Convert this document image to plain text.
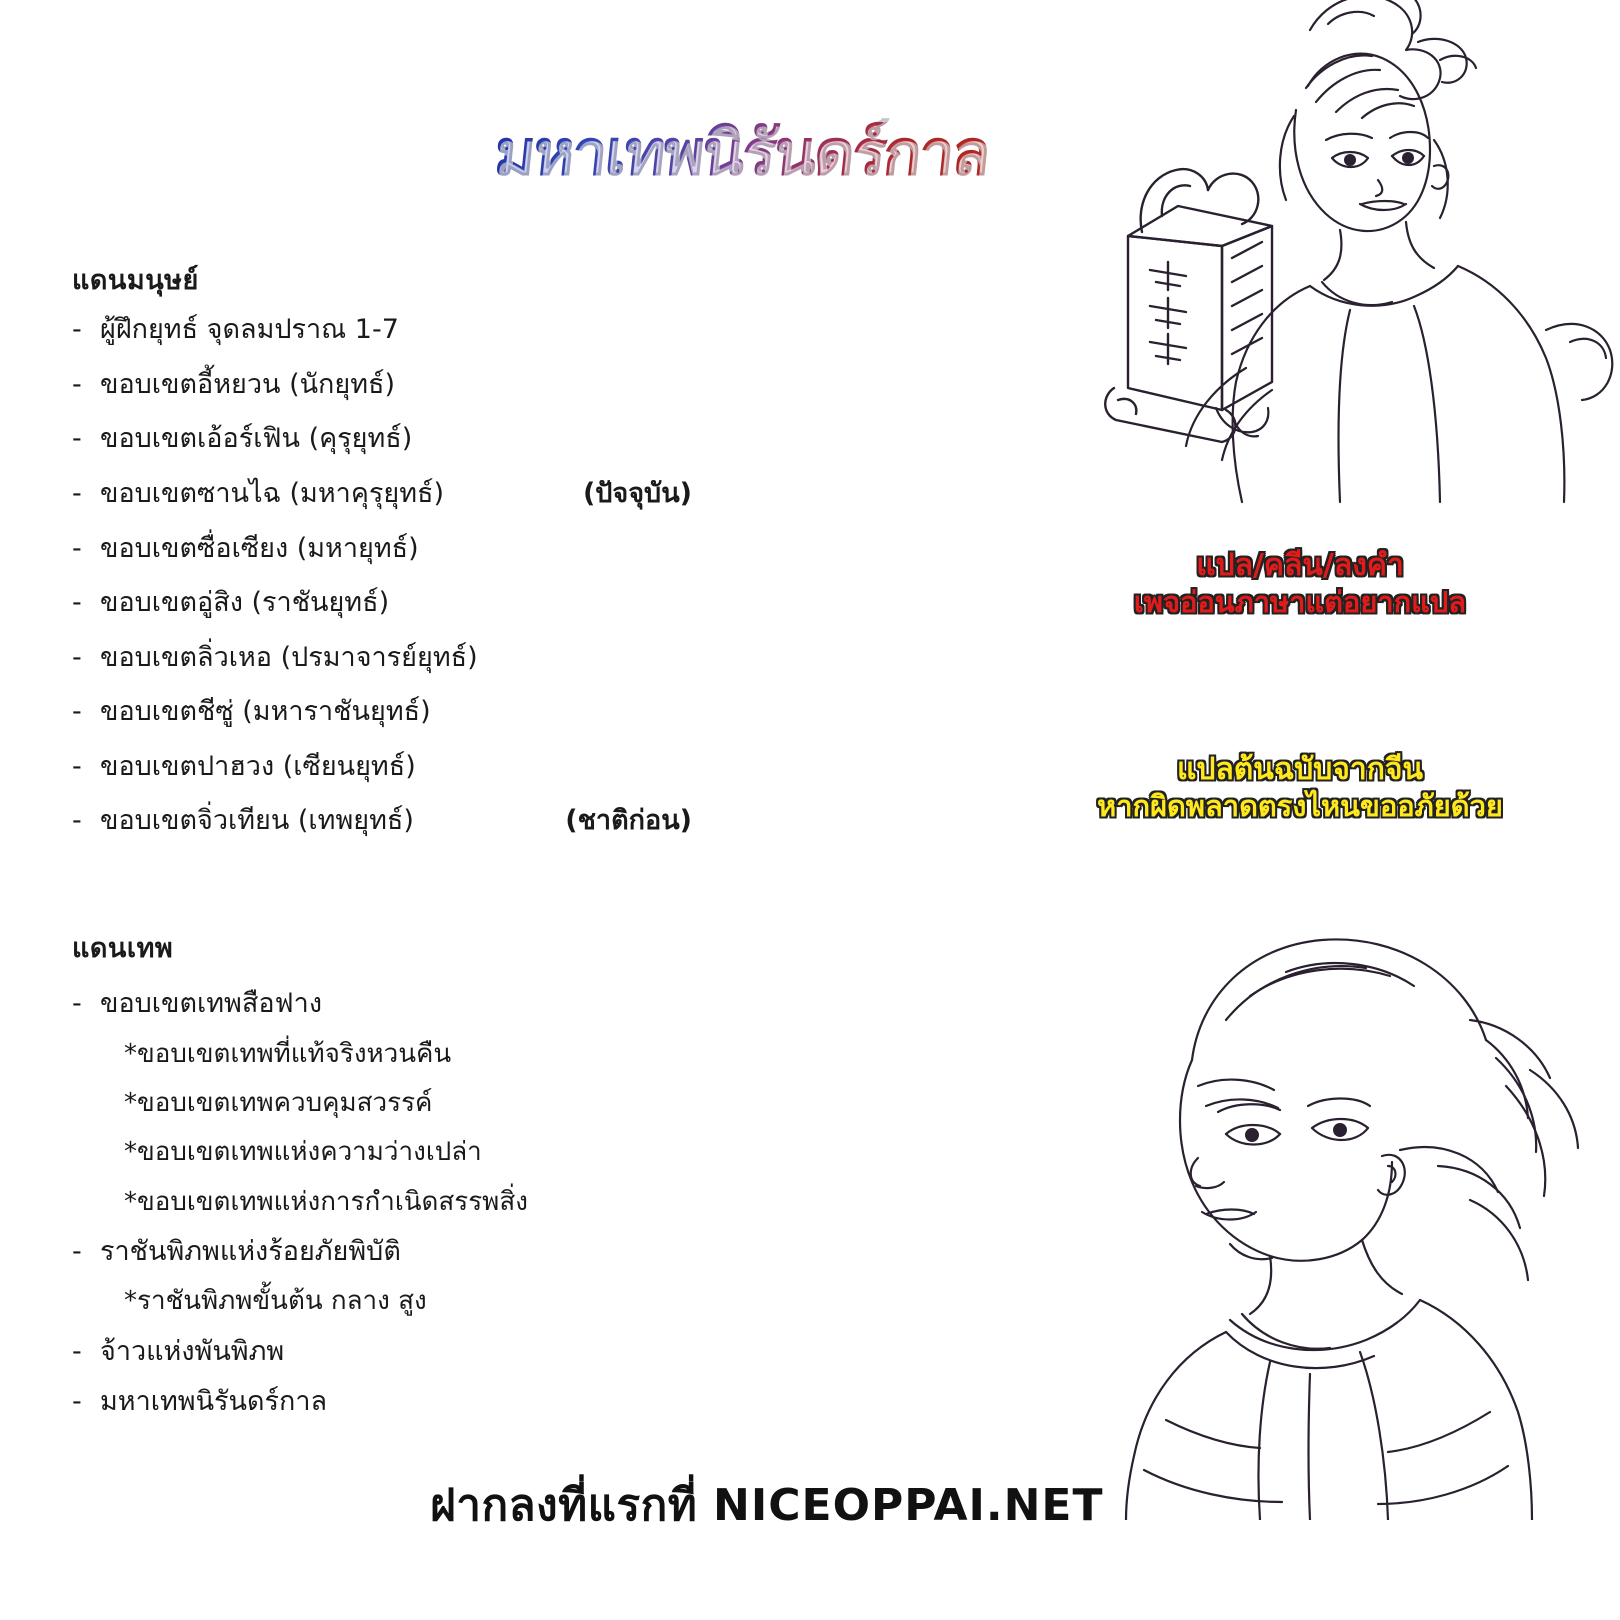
มหาเทพนิรันดร์กาล
แดนมนุษย์
- ผู้ฝึกยุทธ์ จุดลมปราณ 1-7
- ขอบเขตอี้หยวน (นักยุทธ์)
- ขอบเขตเอ้อร์เฟิน (คุรุยุทธ์)
- ขอบเขตซานไฉ (มหาคุรุยุทธ์)	(ปัจจุบัน)
- ขอบเขตซื่อเซียง (มหายุทธ์)
- ขอบเขตอู่สิง (ราชันยุทธ์)
- ขอบเขตลิ่วเหอ (ปรมาจารย์ยุทธ์)
- ขอบเขตชีซู่ (มหาราชันยุทธ์)
- ขอบเขตปาฮวง (เซียนยุทธ์)
- ขอบเขตจิ่วเทียน (เทพยุทธ์)	(ชาติก่อน)
แดนเทพ
- ขอบเขตเทพสือฟาง
*ขอบเขตเทพที่แท้จริงหวนคืน
*ขอบเขตเทพควบคุมสวรรค์
*ขอบเขตเทพแห่งความว่างเปล่า
*ขอบเขตเทพแห่งการกำเนิดสรรพสิ่ง
- ราชันพิภพแห่งร้อยภัยพิบัติ
*ราชันพิภพขั้นต้น กลาง สูง
- จ้าวแห่งพันพิภพ
- มหาเทพนิรันดร์กาล
แปล/คลีน/ลงคำ
เพจอ่อนภาษาแต่อยากแปล
แปลต้นฉบับจากจีน
หากผิดพลาดตรงไหนขออภัยด้วย
ฝากลงที่แรกที่ NICEOPPAI.NET
